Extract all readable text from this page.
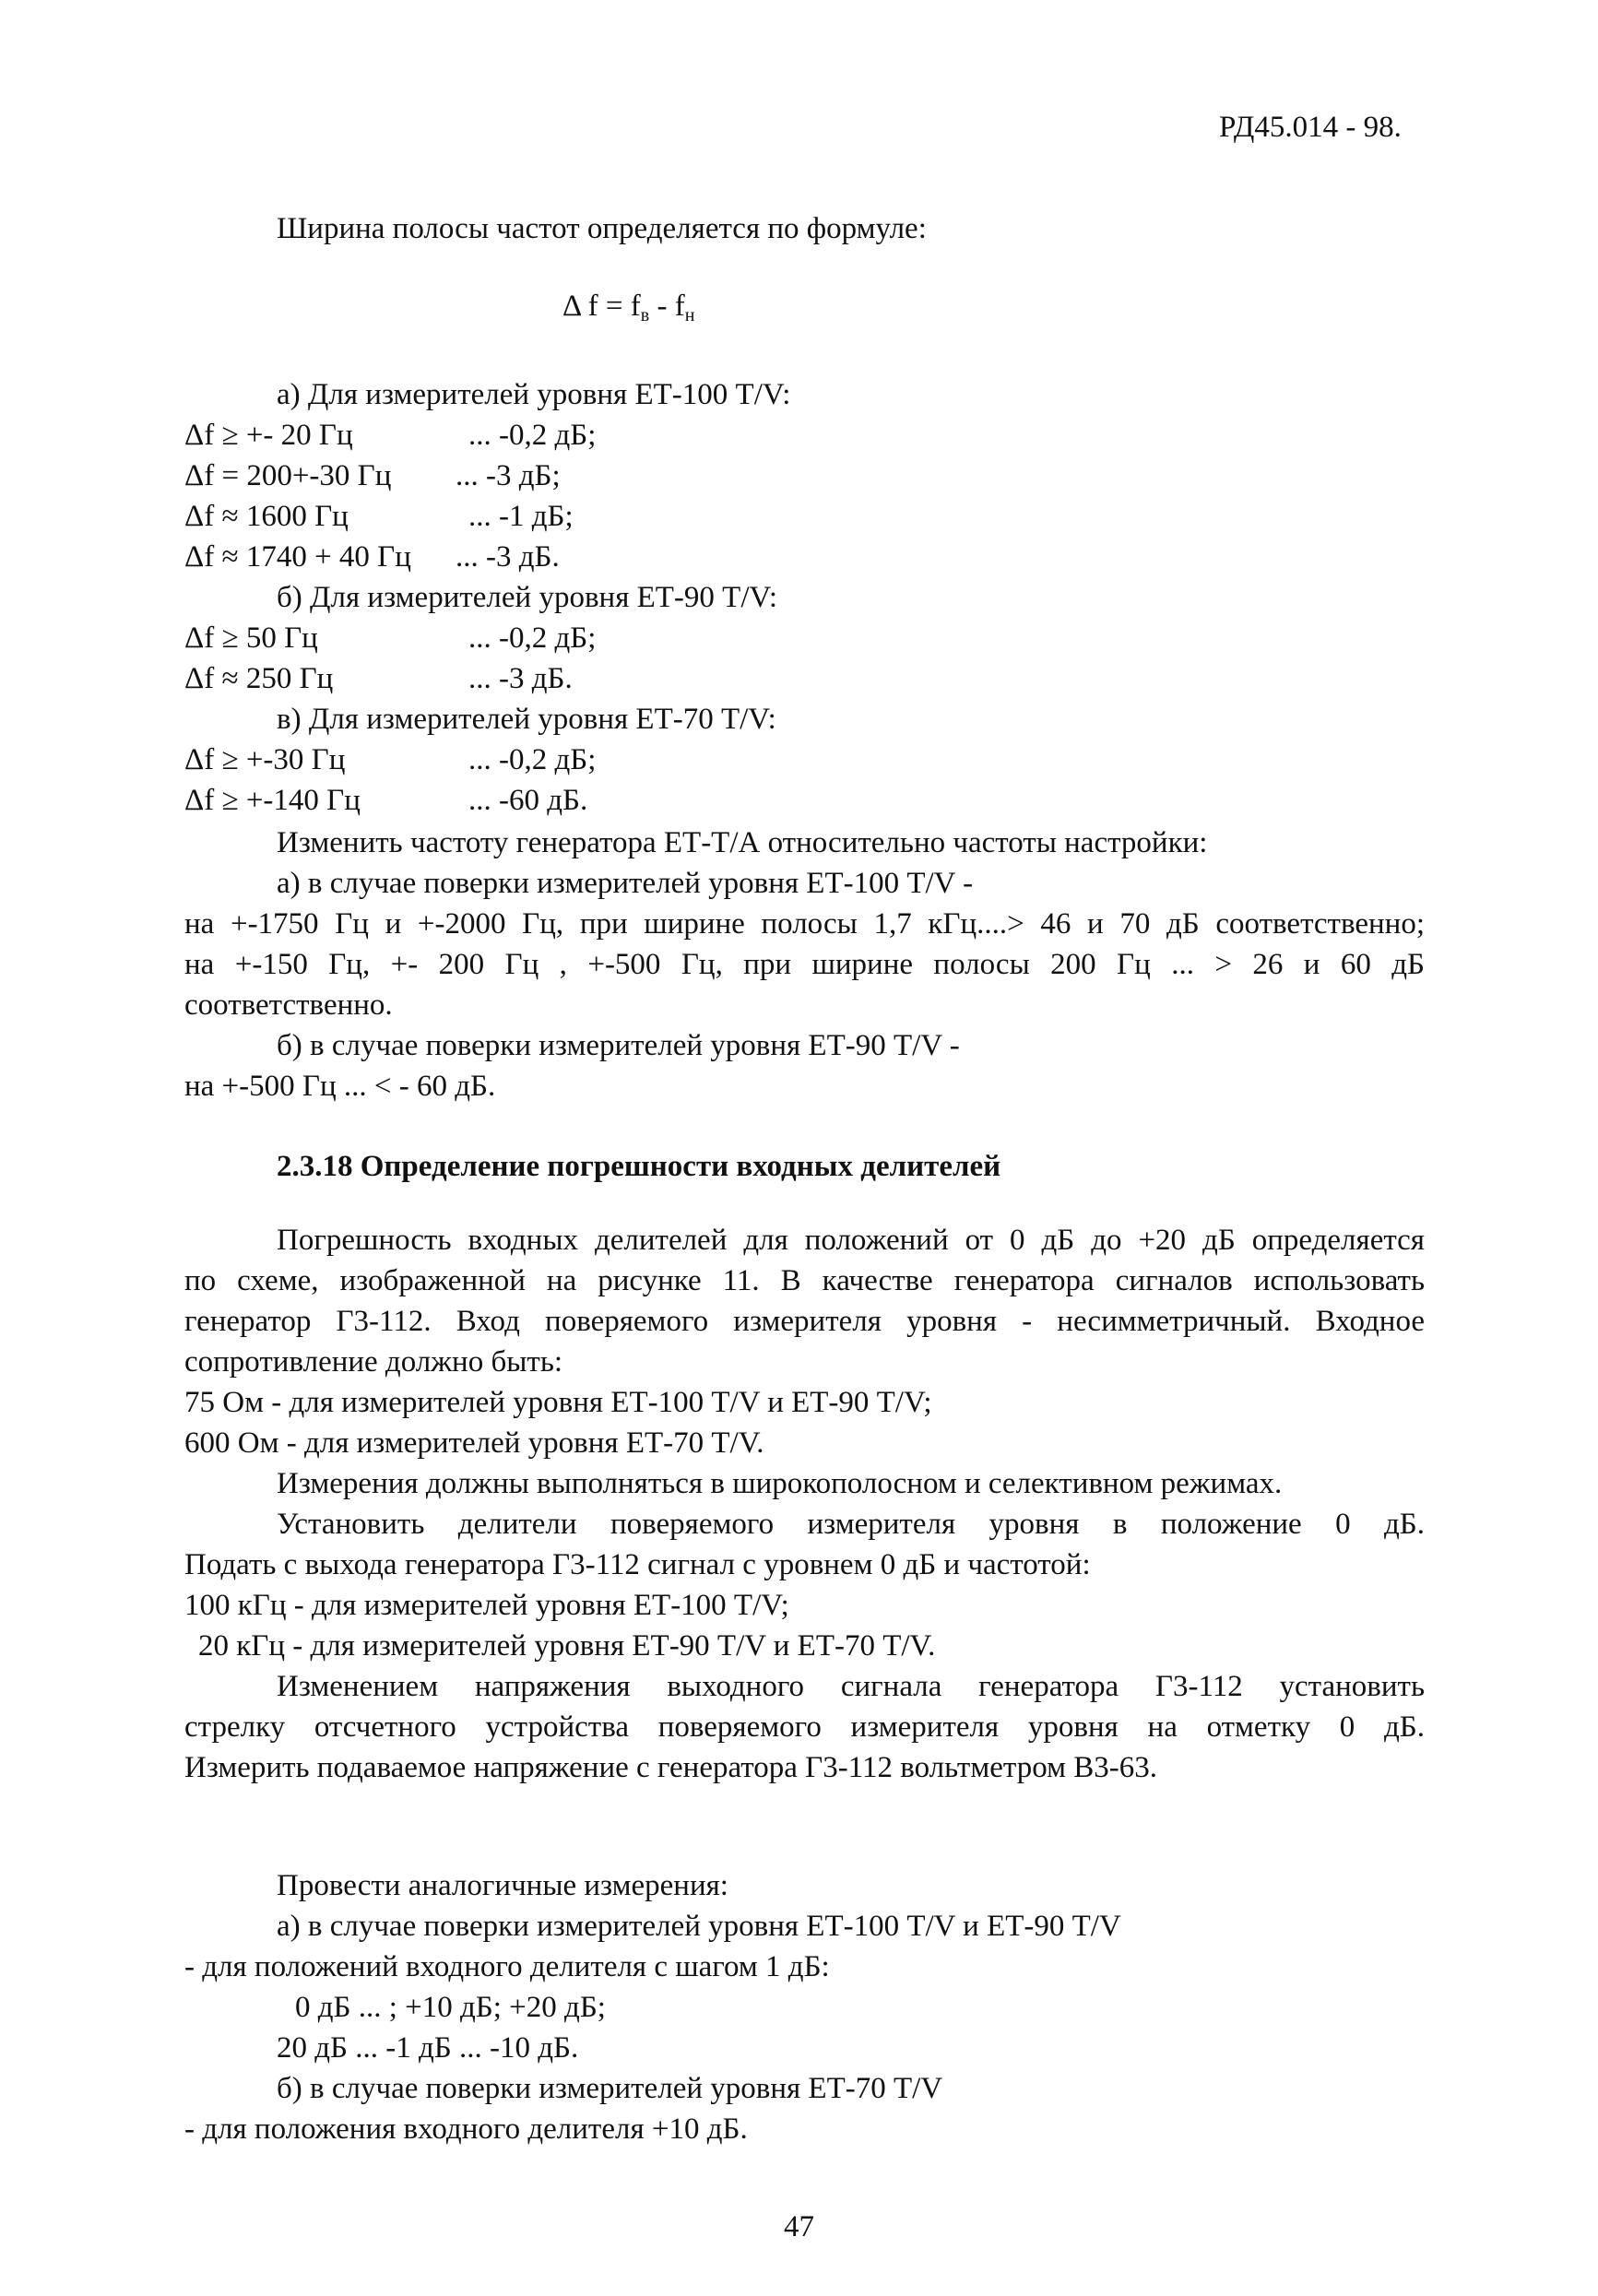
РД45.014 - 98.
Ширина полосы частот определяется по формуле:
Δ $f = f_в - f_н$
а) Для измерителей уровня ЕТ-100 Т/V:
Δf ≥ +- 20 Гц	... -0,2 дБ;
Δf = 200+-30 Гц ... -3 дБ;
Δf ≈ 1600 Гц	... -1 дБ;
Δf ≈ 1740 + 40 Гц ... -3 дБ.
б) Для измерителей уровня ЕТ-90 Т/V:
Δf ≥ 50 Гц	... -0,2 дБ;
Δf ≈ 250 Гц	... -3 дБ.
в) Для измерителей уровня ЕТ-70 Т/V:
Δf ≥ +-30 Гц	... -0,2 дБ;
Δf ≥ +-140 Гц	... -60 дБ.
Изменить частоту генератора ЕТ-Т/А относительно частоты настройки:
а) в случае поверки измерителей уровня ЕТ-100 Т/V -
на +-1750 Гц и +-2000 Гц, при ширине полосы 1,7 кГц....> 46 и 70 дБ соответственно;
на +-150 Гц, +- 200 Гц , +-500 Гц, при ширине полосы 200 Гц ... > 26 и 60 дБ
соответственно.
б) в случае поверки измерителей уровня ЕТ-90 Т/V -
на +-500 Гц ... < - 60 дБ.
2.3.18 Определение погрешности входных делителей
Погрешность входных делителей для положений от 0 дБ до +20 дБ определяется
по схеме, изображенной на рисунке 11. В качестве генератора сигналов использовать
генератор Г3-112. Вход поверяемого измерителя уровня - несимметричный. Входное
сопротивление должно быть:
75 Ом - для измерителей уровня ЕТ-100 Т/V и ЕТ-90 Т/V;
600 Ом - для измерителей уровня ЕТ-70 Т/V.
Измерения должны выполняться в широкополосном и селективном режимах.
Установить делители поверяемого измерителя уровня в положение 0 дБ.
Подать с выхода генератора Г3-112 сигнал с уровнем 0 дБ и частотой:
100 кГц - для измерителей уровня ЕТ-100 Т/V;
20 кГц - для измерителей уровня ЕТ-90 Т/V и ЕТ-70 Т/V.
Изменением напряжения выходного сигнала генератора Г3-112 установить
стрелку отсчетного устройства поверяемого измерителя уровня на отметку 0 дБ.
Измерить подаваемое напряжение с генератора Г3-112 вольтметром В3-63.
Провести аналогичные измерения:
а) в случае поверки измерителей уровня ЕТ-100 Т/V и ЕТ-90 Т/V
- для положений входного делителя с шагом 1 дБ:
0 дБ ... ; +10 дБ; +20 дБ;
20 дБ ... -1 дБ ... -10 дБ.
б) в случае поверки измерителей уровня ЕТ-70 Т/V
- для положения входного делителя +10 дБ.
47
